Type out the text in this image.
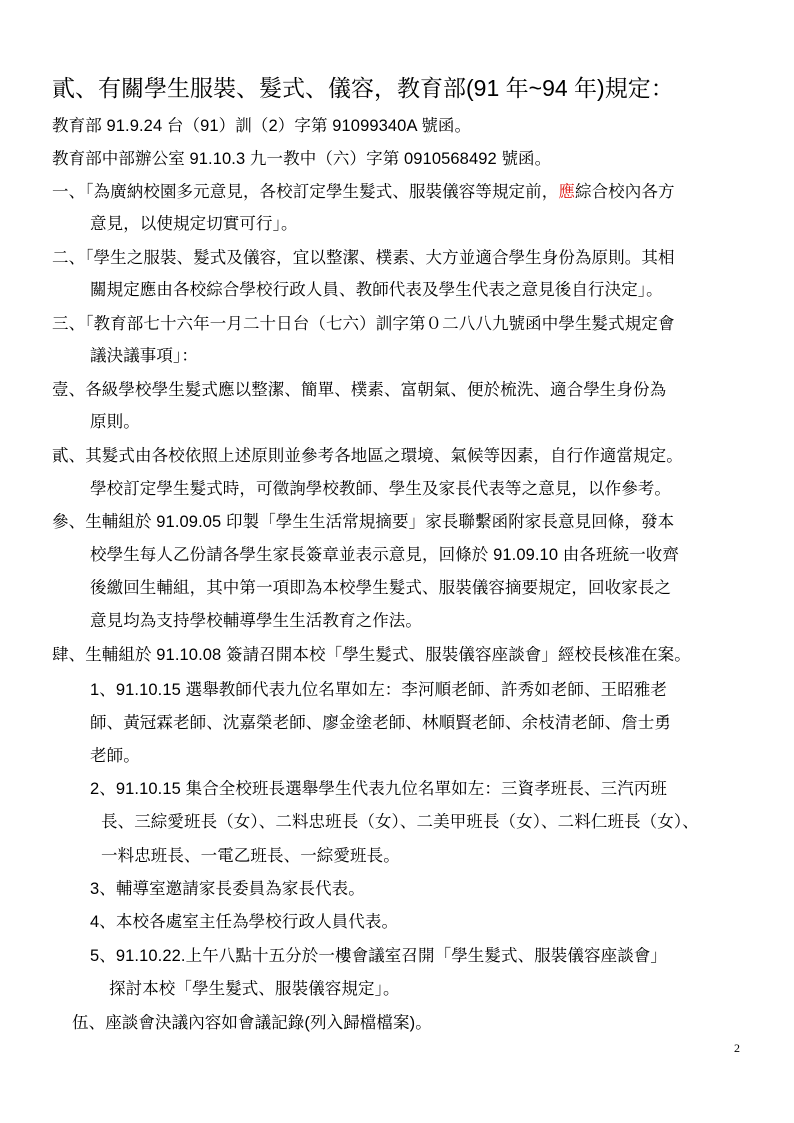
貳、有關學生服裝、髮式、儀容，教育部(91 年~94 年)規定：
教育部 91.9.24 台（91）訓（2）字第 91099340A 號函。
教育部中部辦公室 91.10.3 九一教中（六）字第 0910568492 號函。
一、「為廣納校園多元意見，各校訂定學生髮式、服裝儀容等規定前，應綜合校內各方
意見，以使規定切實可行」。
二、「學生之服裝、髮式及儀容，宜以整潔、樸素、大方並適合學生身份為原則。其相
關規定應由各校綜合學校行政人員、教師代表及學生代表之意見後自行決定」。
三、「教育部七十六年一月二十日台（七六）訓字第０二八八九號函中學生髮式規定會
議決議事項」：
壹、各級學校學生髮式應以整潔、簡單、樸素、富朝氣、便於梳洗、適合學生身份為
原則。
貳、其髮式由各校依照上述原則並參考各地區之環境、氣候等因素，自行作適當規定。
學校訂定學生髮式時，可徵詢學校教師、學生及家長代表等之意見，以作參考。
參、生輔組於 91.09.05 印製「學生生活常規摘要」家長聯繫函附家長意見回條，發本
校學生每人乙份請各學生家長簽章並表示意見，回條於 91.09.10 由各班統一收齊
後繳回生輔組，其中第一項即為本校學生髮式、服裝儀容摘要規定，回收家長之
意見均為支持學校輔導學生生活教育之作法。
肆、生輔組於 91.10.08 簽請召開本校「學生髮式、服裝儀容座談會」經校長核准在案。
1、91.10.15 選舉教師代表九位名單如左：李河順老師、許秀如老師、王昭雅老
師、黃冠霖老師、沈嘉榮老師、廖金塗老師、林順賢老師、余枝清老師、詹士勇
老師。
2、91.10.15 集合全校班長選舉學生代表九位名單如左：三資孝班長、三汽丙班
長、三綜愛班長（女）、二料忠班長（女）、二美甲班長（女）、二料仁班長（女）、
一料忠班長、一電乙班長、一綜愛班長。
3、輔導室邀請家長委員為家長代表。
4、本校各處室主任為學校行政人員代表。
5、91.10.22.上午八點十五分於一樓會議室召開「學生髮式、服裝儀容座談會」
探討本校「學生髮式、服裝儀容規定」。
伍、座談會決議內容如會議記錄(列入歸檔檔案)。
2
